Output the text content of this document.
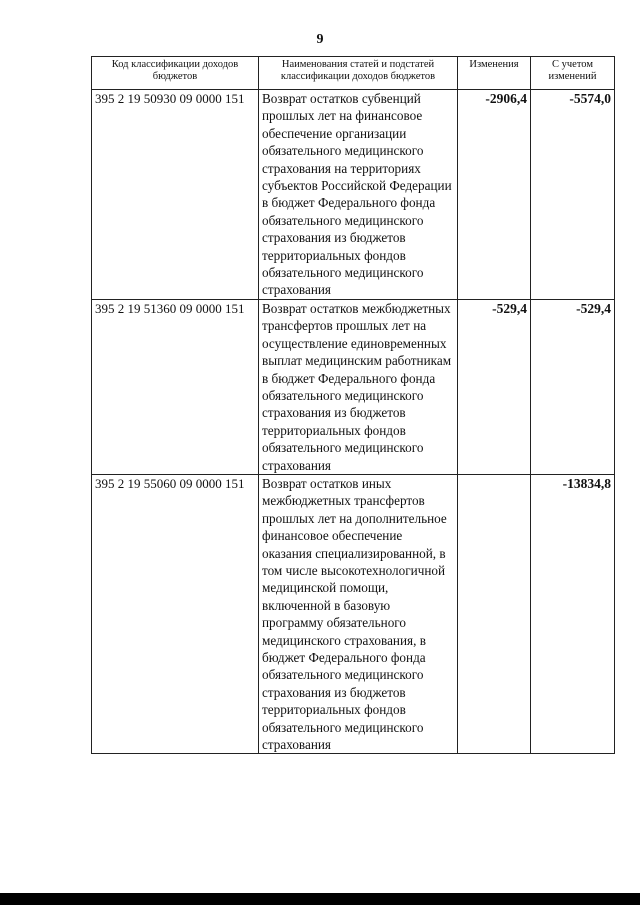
9
Код классификации доходов бюджетов	Наименования статей и подстатей классификации доходов бюджетов	Изменения	С учетом изменений
395 2 19 50930 09 0000 151	Возврат остатков субвенций прошлых лет на финансовое обеспечение организации обязательного медицинского страхования на территориях субъектов Российской Федерации в бюджет Федерального фонда обязательного медицинского страхования из бюджетов территориальных фондов обязательного медицинского страхования	-2906,4	-5574,0
395 2 19 51360 09 0000 151	Возврат остатков межбюджетных трансфертов прошлых лет на осуществление единовременных выплат медицинским работникам в бюджет Федерального фонда обязательного медицинского страхования из бюджетов территориальных фондов обязательного медицинского страхования	-529,4	-529,4
395 2 19 55060 09 0000 151	Возврат остатков иных межбюджетных трансфертов прошлых лет на дополнительное финансовое обеспечение оказания специализированной, в том числе высокотехнологичной медицинской помощи, включенной в базовую программу обязательного медицинского страхования, в бюджет Федерального фонда обязательного медицинского страхования из бюджетов территориальных фондов обязательного медицинского страхования		-13834,8
